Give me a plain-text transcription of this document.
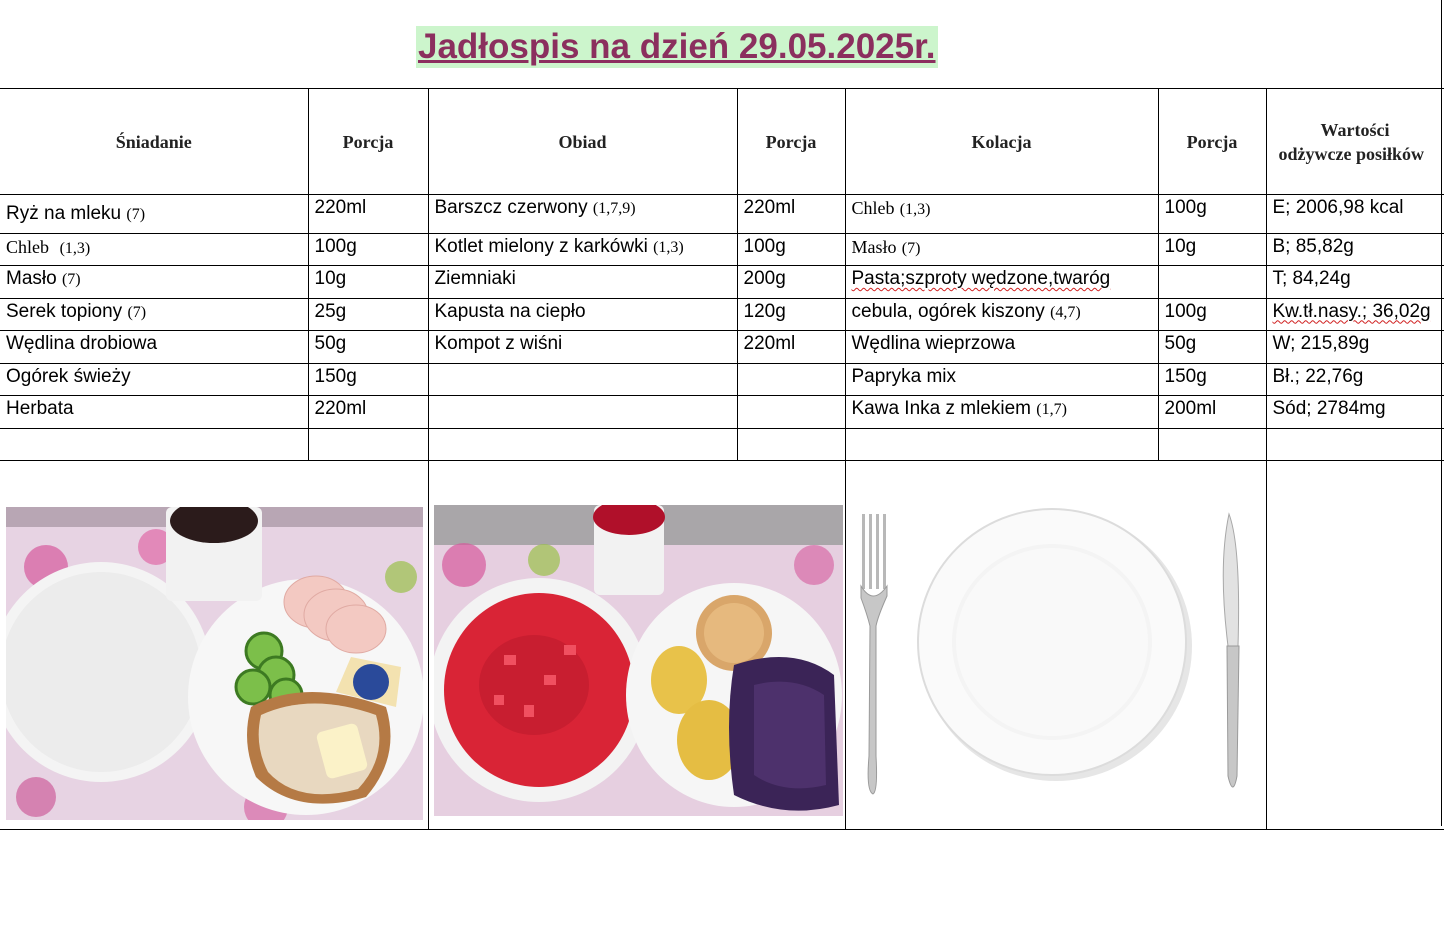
Jadłospis na dzień 29.05.2025r.
Śniadanie	Porcja	Obiad	Porcja	Kolacja	Porcja	Wartości
odżywcze posiłków

Ryż na mleku (7)	220ml	Barszcz czerwony (1,7,9)	220ml	Chleb (1,3)	100g	E; 2006,98 kcal
Chleb (1,3)	100g	Kotlet mielony z karkówki (1,3)	100g	Masło (7)	10g	B; 85,82g
Masło (7)	10g	Ziemniaki	200g	Pasta;szproty wędzone,twaróg		T; 84,24g
Serek topiony (7)	25g	Kapusta na ciepło	120g	cebula, ogórek kiszony (4,7)	100g	Kw.tł.nasy.; 36,02g
Wędlina drobiowa	50g	Kompot z wiśni	220ml	Wędlina wieprzowa	50g	W; 215,89g
Ogórek świeży	150g			Papryka mix	150g	Bł.; 22,76g
Herbata	220ml			Kawa Inka z mlekiem (1,7)	200ml	Sód; 2784mg
